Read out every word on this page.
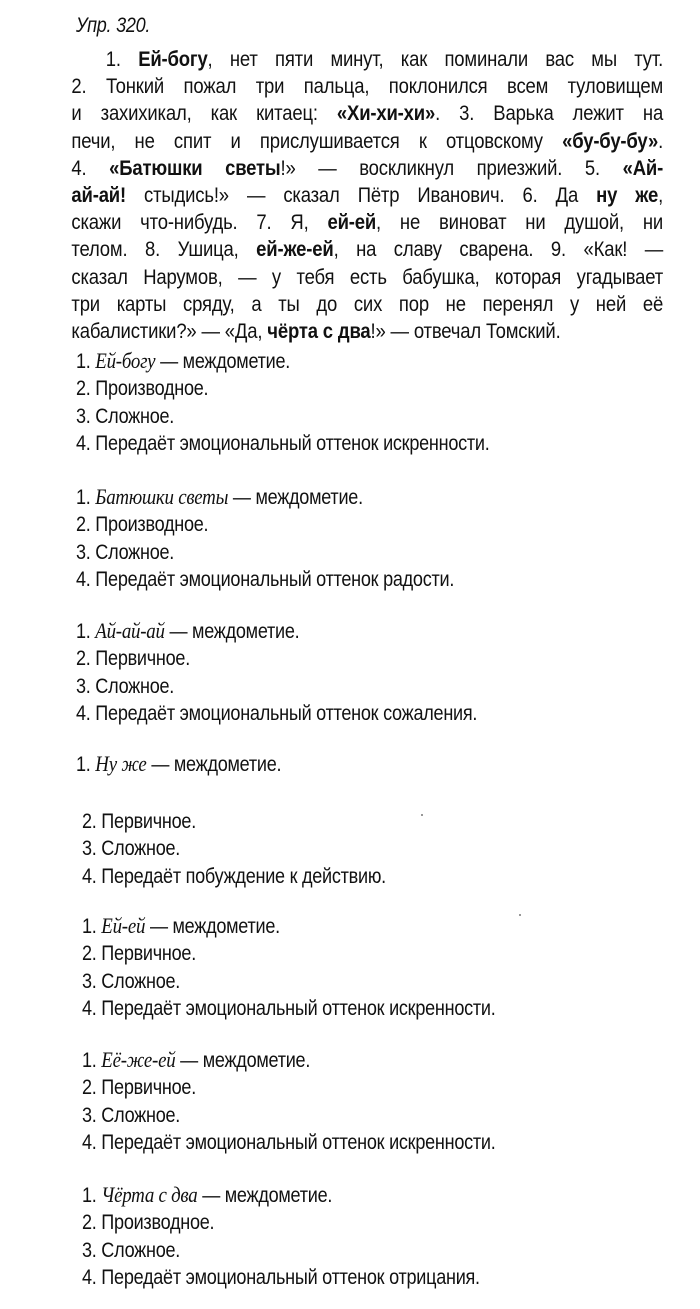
Упр. 320.
1. Ей-богу, нет пяти минут, как поминали вас мы тут.
2. Тонкий пожал три пальца, поклонился всем туловищем
и захихикал, как китаец: «Хи-хи-хи». 3. Варька лежит на
печи, не спит и прислушивается к отцовскому «бу-бу-бу».
4. «Батюшки светы!» — воскликнул приезжий. 5. «Ай-
ай-ай! стыдись!» — сказал Пётр Иванович. 6. Да ну же,
скажи что-нибудь. 7. Я, ей-ей, не виноват ни душой, ни
телом. 8. Ушица, ей-же-ей, на славу сварена. 9. «Как! —
сказал Нарумов, — у тебя есть бабушка, которая угадывает
три карты сряду, а ты до сих пор не перенял у ней её
кабалистики?» — «Да, чёрта с два!» — отвечал Томский.
1. Ей-богу — междометие.
2. Производное.
3. Сложное.
4. Передаёт эмоциональный оттенок искренности.
1. Батюшки светы — междометие.
2. Производное.
3. Сложное.
4. Передаёт эмоциональный оттенок радости.
1. Ай-ай-ай — междометие.
2. Первичное.
3. Сложное.
4. Передаёт эмоциональный оттенок сожаления.
1. Ну же — междометие.
2. Первичное.
3. Сложное.
4. Передаёт побуждение к действию.
1. Ей-ей — междометие.
2. Первичное.
3. Сложное.
4. Передаёт эмоциональный оттенок искренности.
1. Её-же-ей — междометие.
2. Первичное.
3. Сложное.
4. Передаёт эмоциональный оттенок искренности.
1. Чёрта с два — междометие.
2. Производное.
3. Сложное.
4. Передаёт эмоциональный оттенок отрицания.
